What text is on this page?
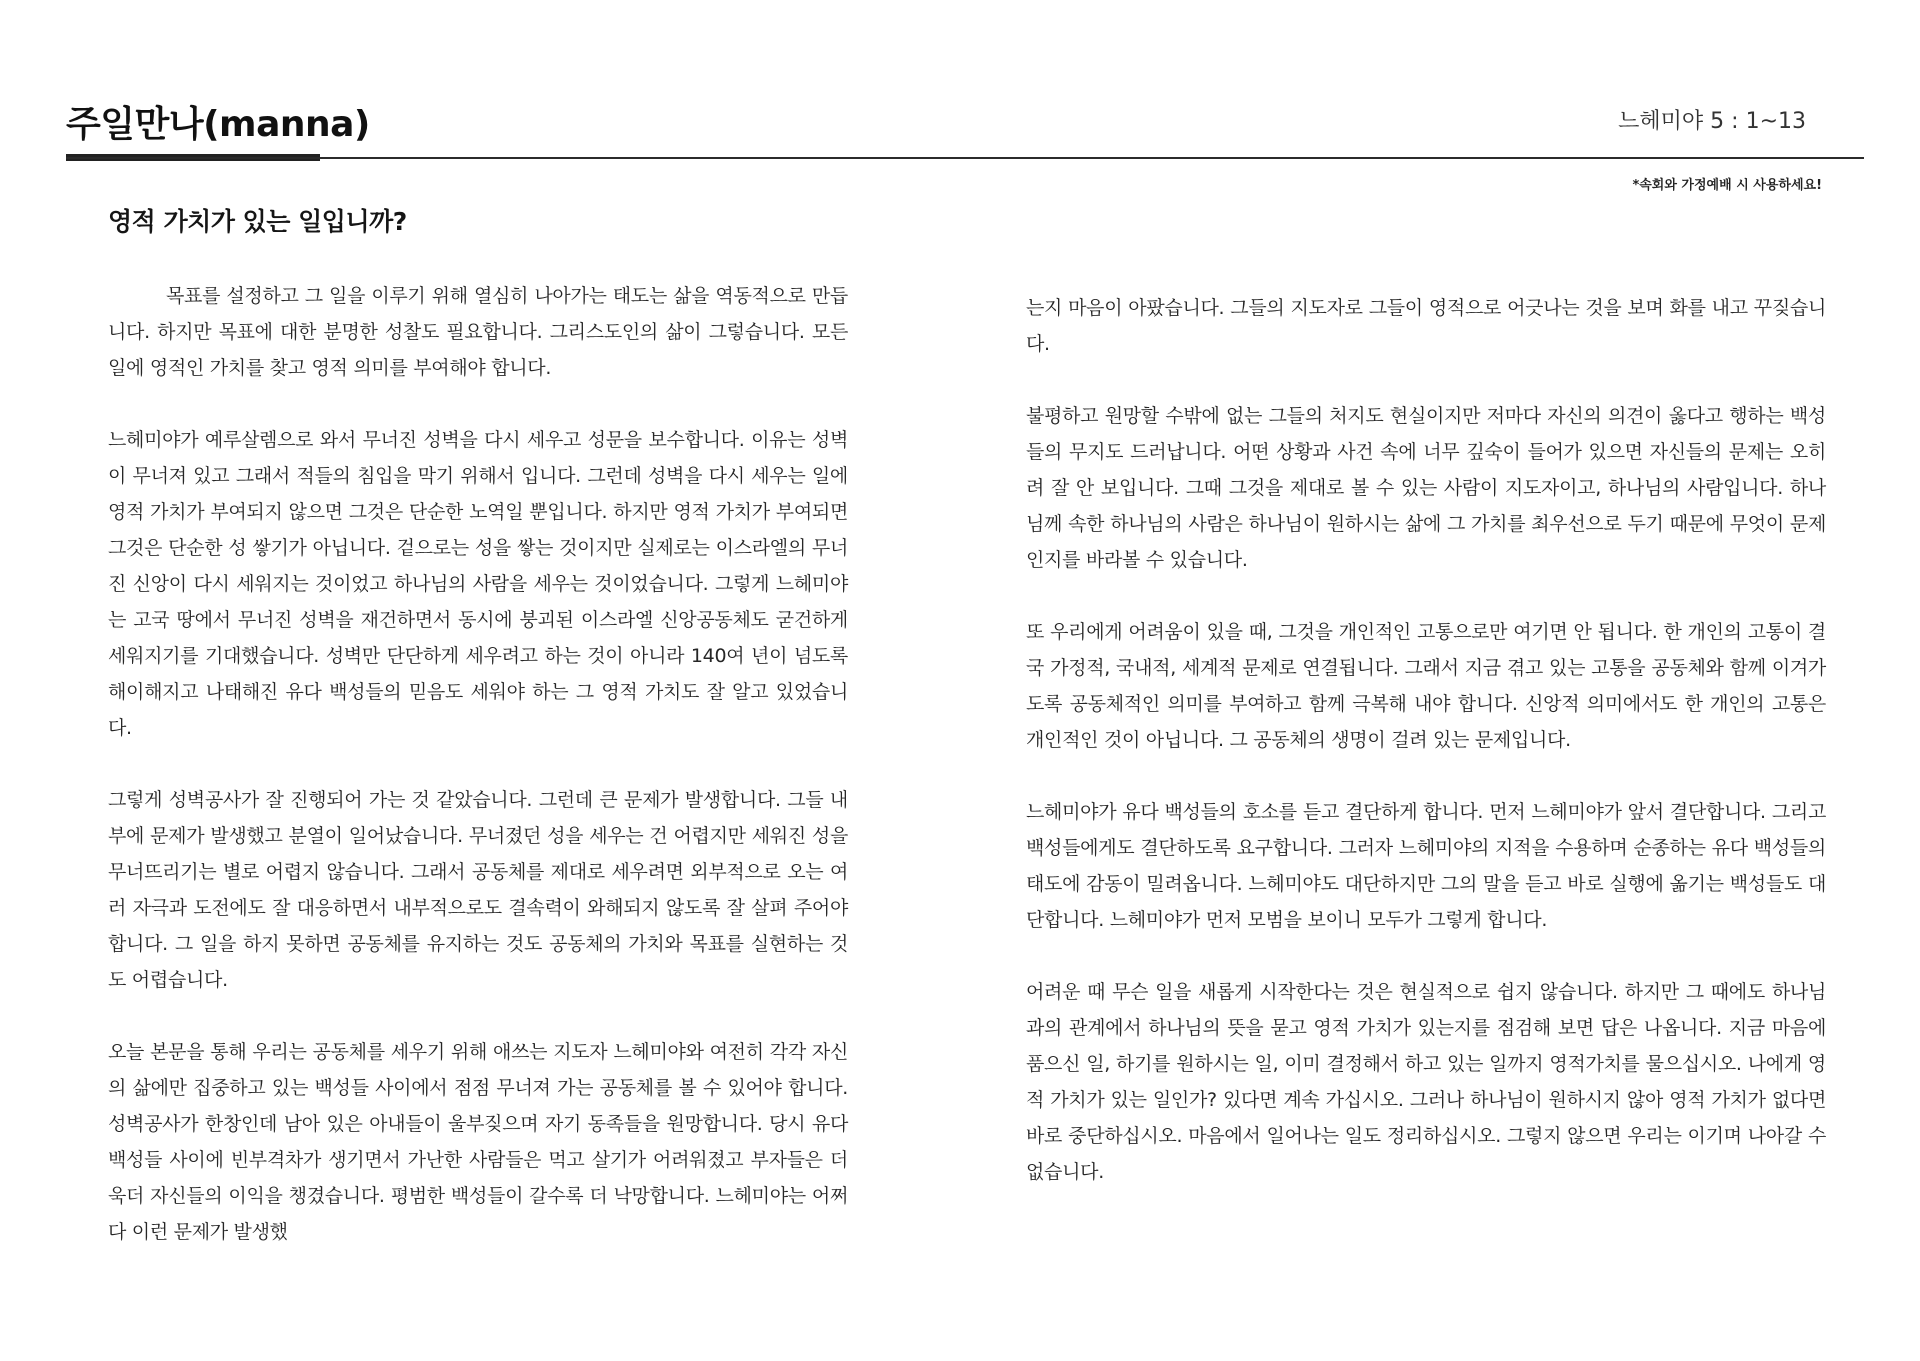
주일만나(manna)	느헤미야 5 : 1~13
*속회와 가정예배 시 사용하세요!
영적 가치가 있는 일입니까?

목표를 설정하고 그 일을 이루기 위해 열심히 나아가는 태도는 삶을 역동적으로 만듭니다. 하지만 목표에 대한 분명한 성찰도 필요합니다. 그리스도인의 삶이 그렇습니다. 모든 일에 영적인 가치를 찾고 영적 의미를 부여해야 합니다.

느헤미야가 예루살렘으로 와서 무너진 성벽을 다시 세우고 성문을 보수합니다. 이유는 성벽이 무너져 있고 그래서 적들의 침입을 막기 위해서 입니다. 그런데 성벽을 다시 세우는 일에 영적 가치가 부여되지 않으면 그것은 단순한 노역일 뿐입니다. 하지만 영적 가치가 부여되면 그것은 단순한 성 쌓기가 아닙니다. 겉으로는 성을 쌓는 것이지만 실제로는 이스라엘의 무너진 신앙이 다시 세워지는 것이었고 하나님의 사람을 세우는 것이었습니다. 그렇게 느헤미야는 고국 땅에서 무너진 성벽을 재건하면서 동시에 붕괴된 이스라엘 신앙공동체도 굳건하게 세워지기를 기대했습니다. 성벽만 단단하게 세우려고 하는 것이 아니라 140여 년이 넘도록 해이해지고 나태해진 유다 백성들의 믿음도 세워야 하는 그 영적 가치도 잘 알고 있었습니다.

그렇게 성벽공사가 잘 진행되어 가는 것 같았습니다. 그런데 큰 문제가 발생합니다. 그들 내부에 문제가 발생했고 분열이 일어났습니다. 무너졌던 성을 세우는 건 어렵지만 세워진 성을 무너뜨리기는 별로 어렵지 않습니다. 그래서 공동체를 제대로 세우려면 외부적으로 오는 여러 자극과 도전에도 잘 대응하면서 내부적으로도 결속력이 와해되지 않도록 잘 살펴 주어야 합니다. 그 일을 하지 못하면 공동체를 유지하는 것도 공동체의 가치와 목표를 실현하는 것도 어렵습니다.

오늘 본문을 통해 우리는 공동체를 세우기 위해 애쓰는 지도자 느헤미야와 여전히 각각 자신의 삶에만 집중하고 있는 백성들 사이에서 점점 무너져 가는 공동체를 볼 수 있어야 합니다. 성벽공사가 한창인데 남아 있은 아내들이 울부짖으며 자기 동족들을 원망합니다. 당시 유다 백성들 사이에 빈부격차가 생기면서 가난한 사람들은 먹고 살기가 어려워졌고 부자들은 더욱더 자신들의 이익을 챙겼습니다. 평범한 백성들이 갈수록 더 낙망합니다. 느헤미야는 어쩌다 이런 문제가 발생했

는지 마음이 아팠습니다. 그들의 지도자로 그들이 영적으로 어긋나는 것을 보며 화를 내고 꾸짖습니다.

불평하고 원망할 수밖에 없는 그들의 처지도 현실이지만 저마다 자신의 의견이 옳다고 행하는 백성들의 무지도 드러납니다. 어떤 상황과 사건 속에 너무 깊숙이 들어가 있으면 자신들의 문제는 오히려 잘 안 보입니다. 그때 그것을 제대로 볼 수 있는 사람이 지도자이고, 하나님의 사람입니다. 하나님께 속한 하나님의 사람은 하나님이 원하시는 삶에 그 가치를 최우선으로 두기 때문에 무엇이 문제인지를 바라볼 수 있습니다.

또 우리에게 어려움이 있을 때, 그것을 개인적인 고통으로만 여기면 안 됩니다. 한 개인의 고통이 결국 가정적, 국내적, 세계적 문제로 연결됩니다. 그래서 지금 겪고 있는 고통을 공동체와 함께 이겨가도록 공동체적인 의미를 부여하고 함께 극복해 내야 합니다. 신앙적 의미에서도 한 개인의 고통은 개인적인 것이 아닙니다. 그 공동체의 생명이 걸려 있는 문제입니다.

느헤미야가 유다 백성들의 호소를 듣고 결단하게 합니다. 먼저 느헤미야가 앞서 결단합니다. 그리고 백성들에게도 결단하도록 요구합니다. 그러자 느헤미야의 지적을 수용하며 순종하는 유다 백성들의 태도에 감동이 밀려옵니다. 느헤미야도 대단하지만 그의 말을 듣고 바로 실행에 옮기는 백성들도 대단합니다. 느헤미야가 먼저 모범을 보이니 모두가 그렇게 합니다.

어려운 때 무슨 일을 새롭게 시작한다는 것은 현실적으로 쉽지 않습니다. 하지만 그 때에도 하나님과의 관계에서 하나님의 뜻을 묻고 영적 가치가 있는지를 점검해 보면 답은 나옵니다. 지금 마음에 품으신 일, 하기를 원하시는 일, 이미 결정해서 하고 있는 일까지 영적가치를 물으십시오. 나에게 영적 가치가 있는 일인가? 있다면 계속 가십시오. 그러나 하나님이 원하시지 않아 영적 가치가 없다면 바로 중단하십시오. 마음에서 일어나는 일도 정리하십시오. 그렇지 않으면 우리는 이기며 나아갈 수 없습니다.
